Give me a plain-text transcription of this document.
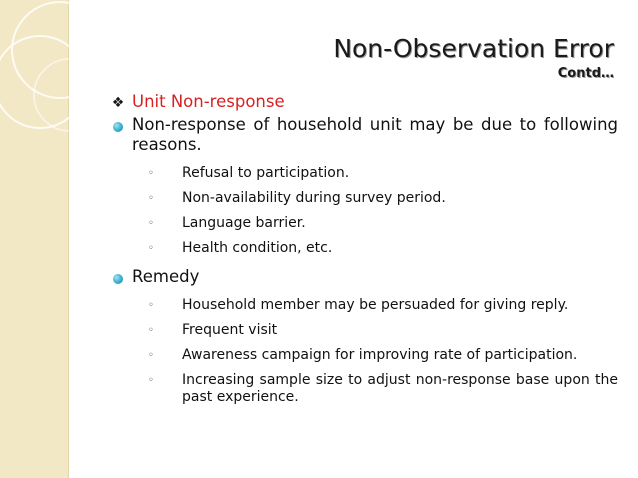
Non-Observation Error
Contd…
❖ Unit Non-response
Non-response of household unit may be due to following reasons.
◦ Refusal to participation.
◦ Non-availability during survey period.
◦ Language barrier.
◦ Health condition, etc.
Remedy
◦ Household member may be persuaded for giving reply.
◦ Frequent visit
◦ Awareness campaign for improving rate of participation.
◦ Increasing sample size to adjust non-response base upon the past experience.
